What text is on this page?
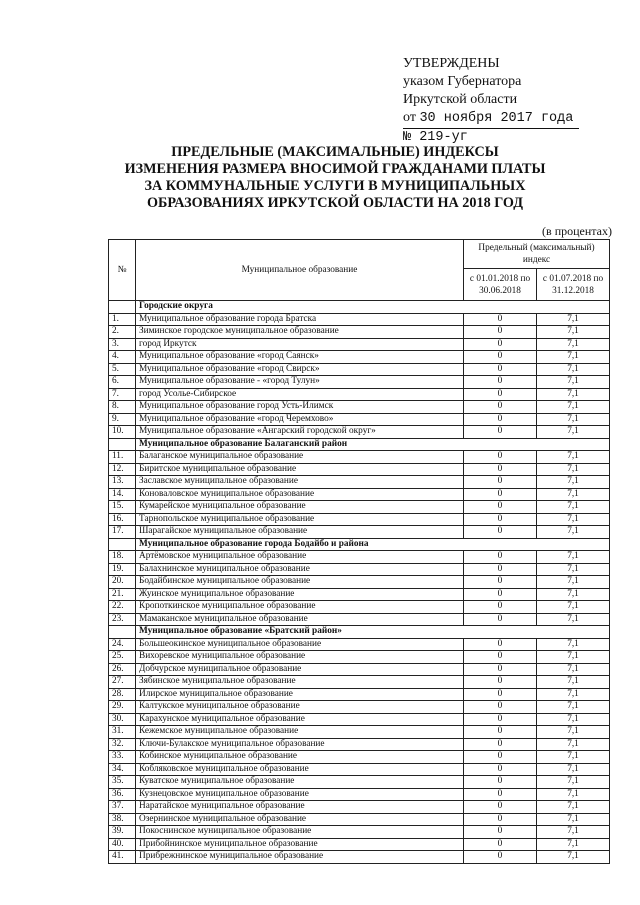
УТВЕРЖДЕНЫ
указом Губернатора
Иркутской области
от 30 ноября 2017 года
№ 219-уг
ПРЕДЕЛЬНЫЕ (МАКСИМАЛЬНЫЕ) ИНДЕКСЫ
ИЗМЕНЕНИЯ РАЗМЕРА ВНОСИМОЙ ГРАЖДАНАМИ ПЛАТЫ
ЗА КОММУНАЛЬНЫЕ УСЛУГИ В МУНИЦИПАЛЬНЫХ
ОБРАЗОВАНИЯХ ИРКУТСКОЙ ОБЛАСТИ НА 2018 ГОД
(в процентах)
№	Муниципальное образование	Предельный (максимальный) индекс	
		с 01.01.2018 по 30.06.2018	с 01.07.2018 по 31.12.2018
	Городские округа		
1.	Муниципальное образование города Братска	0	7,1
2.	Зиминское городское муниципальное образование	0	7,1
3.	город Иркутск	0	7,1
4.	Муниципальное образование «город Саянск»	0	7,1
5.	Муниципальное образование «город Свирск»	0	7,1
6.	Муниципальное образование - «город Тулун»	0	7,1
7.	город Усолье-Сибирское	0	7,1
8.	Муниципальное образование город Усть-Илимск	0	7,1
9.	Муниципальное образование «город Черемхово»	0	7,1
10.	Муниципальное образование «Ангарский городской округ»	0	7,1
	Муниципальное образование Балаганский район		
11.	Балаганское муниципальное образование	0	7,1
12.	Биритское муниципальное образование	0	7,1
13.	Заславское муниципальное образование	0	7,1
14.	Коноваловское муниципальное образование	0	7,1
15.	Кумарейское муниципальное образование	0	7,1
16.	Тарнопольское муниципальное образование	0	7,1
17.	Шарагайское муниципальное образование	0	7,1
	Муниципальное образование города Бодайбо и района		
18.	Артёмовское муниципальное образование	0	7,1
19.	Балахнинское муниципальное образование	0	7,1
20.	Бодайбинское муниципальное образование	0	7,1
21.	Жуинское муниципальное образование	0	7,1
22.	Кропоткинское муниципальное образование	0	7,1
23.	Мамаканское муниципальное образование	0	7,1
	Муниципальное образование «Братский район»		
24.	Большеокинское муниципальное образование	0	7,1
25.	Вихоревское муниципальное образование	0	7,1
26.	Добчурское муниципальное образование	0	7,1
27.	Зябинское муниципальное образование	0	7,1
28.	Илирское муниципальное образование	0	7,1
29.	Калтукское муниципальное образование	0	7,1
30.	Карахунское муниципальное образование	0	7,1
31.	Кежемское муниципальное образование	0	7,1
32.	Ключи-Булакское муниципальное образование	0	7,1
33.	Кобинское муниципальное образование	0	7,1
34.	Кобляковское муниципальное образование	0	7,1
35.	Куватское муниципальное образование	0	7,1
36.	Кузнецовское муниципальное образование	0	7,1
37.	Наратайское муниципальное образование	0	7,1
38.	Озернинское муниципальное образование	0	7,1
39.	Покоснинское муниципальное образование	0	7,1
40.	Прибойнинское муниципальное образование	0	7,1
41.	Прибрежнинское муниципальное образование	0	7,1
